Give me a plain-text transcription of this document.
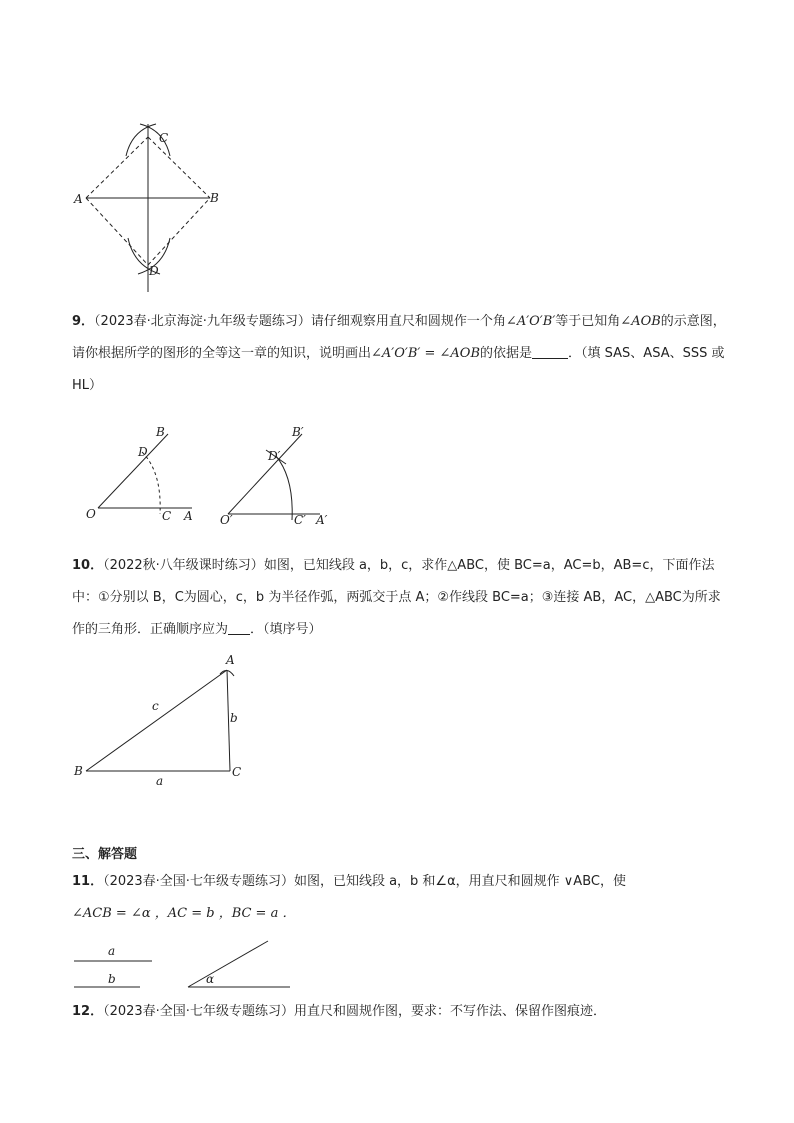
A	B
C
D

9．（2023春·北京海淀·九年级专题练习）请仔细观察用直尺和圆规作一个角∠A′O′B′等于已知角∠AOB的示意图，请你根据所学的图形的全等这一章的知识，说明画出∠A′O′B′ = ∠AOB的依据是	．（填 SAS、ASA、SSS 或 HL）

O	C A
B
D
O′	C′ A′
B′
D′

10．（2022秋·八年级课时练习）如图，已知线段 a，b，c，求作△ABC，使 BC=a，AC=b，AB=c，下面作法中：①分别以 B，C为圆心，c，b 为半径作弧，两弧交于点 A；②作线段 BC=a；③连接 AB，AC，△ABC为所求作的三角形．正确顺序应为 ．（填序号）

A
B	C
a
b
c
三、解答题

11．（2023春·全国·七年级专题练习）如图，已知线段 a，b 和∠α，用直尺和圆规作 ∨ABC，使
∠ACB = ∠α ，AC = b ，BC = a ．

a
b	α

12．（2023春·全国·七年级专题练习）用直尺和圆规作图，要求：不写作法、保留作图痕迹．
